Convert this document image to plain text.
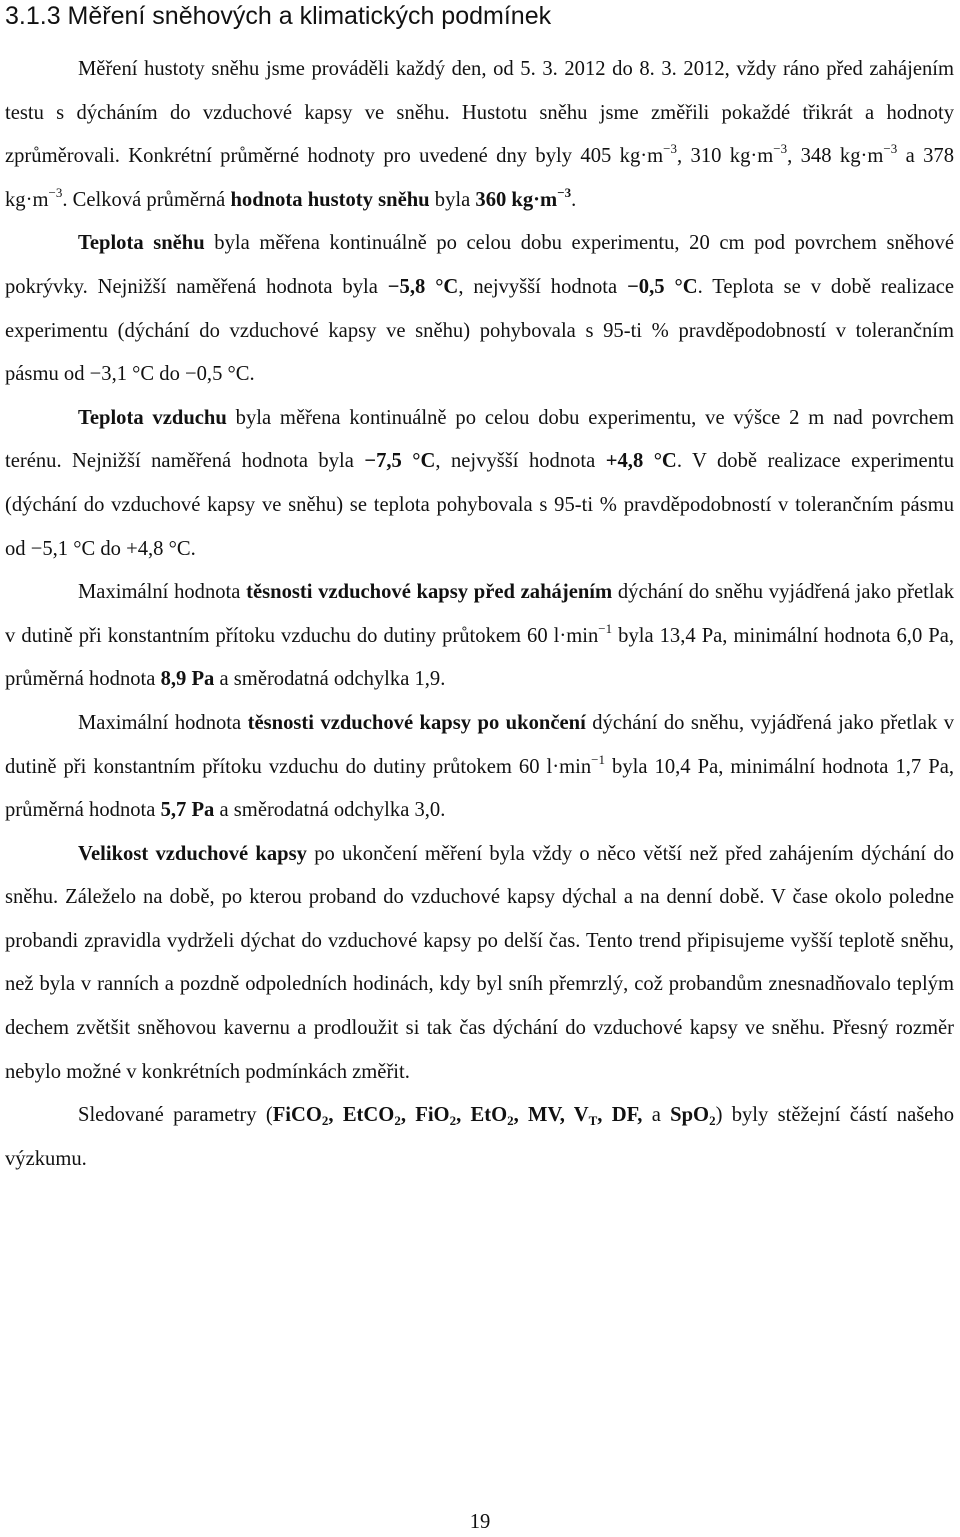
3.1.3 Měření sněhových a klimatických podmínek

Měření hustoty sněhu jsme prováděli každý den, od 5. 3. 2012 do 8. 3. 2012, vždy ráno před zahájením testu s dýcháním do vzduchové kapsy ve sněhu. Hustotu sněhu jsme změřili pokaždé třikrát a hodnoty zprůměrovali. Konkrétní průměrné hodnoty pro uvedené dny byly 405 $kg\cdot m^{-3}$, 310 $kg\cdot m^{-3}$, 348 $kg\cdot m^{-3}$ a 378 $kg\cdot m^{-3}$. Celková průměrná hodnota hustoty sněhu byla 360 $kg\cdot m^{-3}$.

Teplota sněhu byla měřena kontinuálně po celou dobu experimentu, 20 cm pod povrchem sněhové pokrývky. Nejnižší naměřená hodnota byla −5,8 °C, nejvyšší hodnota −0,5 °C. Teplota se v době realizace experimentu (dýchání do vzduchové kapsy ve sněhu) pohybovala s 95-ti % pravděpodobností v tolerančním pásmu od −3,1 °C do −0,5 °C.

Teplota vzduchu byla měřena kontinuálně po celou dobu experimentu, ve výšce 2 m nad povrchem terénu. Nejnižší naměřená hodnota byla −7,5 °C, nejvyšší hodnota +4,8 °C. V době realizace experimentu (dýchání do vzduchové kapsy ve sněhu) se teplota pohybovala s 95-ti % pravděpodobností v tolerančním pásmu od −5,1 °C do +4,8 °C.

Maximální hodnota těsnosti vzduchové kapsy před zahájením dýchání do sněhu vyjádřená jako přetlak v dutině při konstantním přítoku vzduchu do dutiny průtokem 60 $l\cdot\min^{-1}$ byla 13,4 Pa, minimální hodnota 6,0 Pa, průměrná hodnota 8,9 Pa a směrodatná odchylka 1,9.

Maximální hodnota těsnosti vzduchové kapsy po ukončení dýchání do sněhu, vyjádřená jako přetlak v dutině při konstantním přítoku vzduchu do dutiny průtokem 60 $l\cdot\min^{-1}$ byla 10,4 Pa, minimální hodnota 1,7 Pa, průměrná hodnota 5,7 Pa a směrodatná odchylka 3,0.

Velikost vzduchové kapsy po ukončení měření byla vždy o něco větší než před zahájením dýchání do sněhu. Záleželo na době, po kterou proband do vzduchové kapsy dýchal a na denní době. V čase okolo poledne probandi zpravidla vydrželi dýchat do vzduchové kapsy po delší čas. Tento trend připisujeme vyšší teplotě sněhu, než byla v ranních a pozdně odpoledních hodinách, kdy byl sníh přemrzlý, což probandům znesnadňovalo teplým dechem zvětšit sněhovou kavernu a prodloužit si tak čas dýchání do vzduchové kapsy ve sněhu. Přesný rozměr nebylo možné v konkrétních podmínkách změřit.

Sledované parametry (FiCO$_2$, EtCO$_2$, FiO$_2$, EtO$_2$, MV, $V_T$, DF, a SpO$_2$) byly stěžejní částí našeho výzkumu.

19
